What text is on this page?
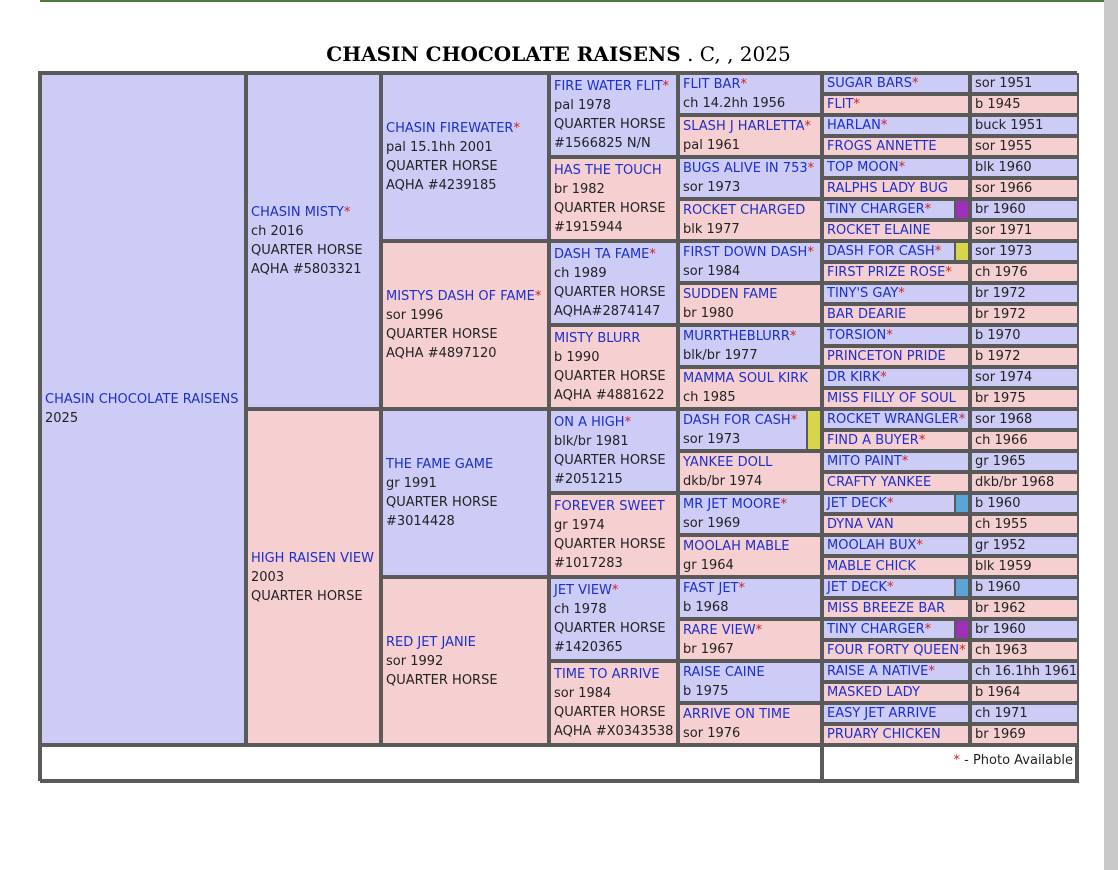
CHASIN CHOCOLATE RAISENS . C, , 2025
CHASIN CHOCOLATE RAISENS
2025
CHASIN MISTY*
ch 2016
QUARTER HORSE
AQHA #5803321
HIGH RAISEN VIEW
2003
QUARTER HORSE
CHASIN FIREWATER*
pal 15.1hh 2001
QUARTER HORSE
AQHA #4239185
MISTYS DASH OF FAME*
sor 1996
QUARTER HORSE
AQHA #4897120
THE FAME GAME
gr 1991
QUARTER HORSE
#3014428
RED JET JANIE
sor 1992
QUARTER HORSE
FIRE WATER FLIT*
pal 1978
QUARTER HORSE
#1566825 N/N
HAS THE TOUCH
br 1982
QUARTER HORSE
#1915944
DASH TA FAME*
ch 1989
QUARTER HORSE
AQHA#2874147
MISTY BLURR
b 1990
QUARTER HORSE
AQHA #4881622
ON A HIGH*
blk/br 1981
QUARTER HORSE
#2051215
FOREVER SWEET
gr 1974
QUARTER HORSE
#1017283
JET VIEW*
ch 1978
QUARTER HORSE
#1420365
TIME TO ARRIVE
sor 1984
QUARTER HORSE
AQHA #X0343538
FLIT BAR*
ch 14.2hh 1956
SLASH J HARLETTA*
pal 1961
BUGS ALIVE IN 753*
sor 1973
ROCKET CHARGED
blk 1977
FIRST DOWN DASH*
sor 1984
SUDDEN FAME
br 1980
MURRTHEBLURR*
blk/br 1977
MAMMA SOUL KIRK
ch 1985
DASH FOR CASH*
sor 1973
YANKEE DOLL
dkb/br 1974
MR JET MOORE*
sor 1969
MOOLAH MABLE
gr 1964
FAST JET*
b 1968
RARE VIEW*
br 1967
RAISE CAINE
b 1975
ARRIVE ON TIME
sor 1976
SUGAR BARS*	sor 1951
FLIT*	b 1945
HARLAN*	buck 1951
FROGS ANNETTE	sor 1955
TOP MOON*	blk 1960
RALPHS LADY BUG	sor 1966
TINY CHARGER*	br 1960
ROCKET ELAINE	sor 1971
DASH FOR CASH*	sor 1973
FIRST PRIZE ROSE*	ch 1976
TINY'S GAY*	br 1972
BAR DEARIE	br 1972
TORSION*	b 1970
PRINCETON PRIDE	b 1972
DR KIRK*	sor 1974
MISS FILLY OF SOUL	br 1975
ROCKET WRANGLER* sor 1968
FIND A BUYER*	ch 1966
MITO PAINT*	gr 1965
CRAFTY YANKEE	dkb/br 1968
JET DECK*	b 1960
DYNA VAN	ch 1955
MOOLAH BUX*	gr 1952
MABLE CHICK	blk 1959
JET DECK*	b 1960
MISS BREEZE BAR	br 1962
TINY CHARGER*	br 1960
FOUR FORTY QUEEN* ch 1963
RAISE A NATIVE*	ch 16.1hh 1961
MASKED LADY	b 1964
EASY JET ARRIVE	ch 1971
PRUARY CHICKEN	br 1969
* - Photo Available
